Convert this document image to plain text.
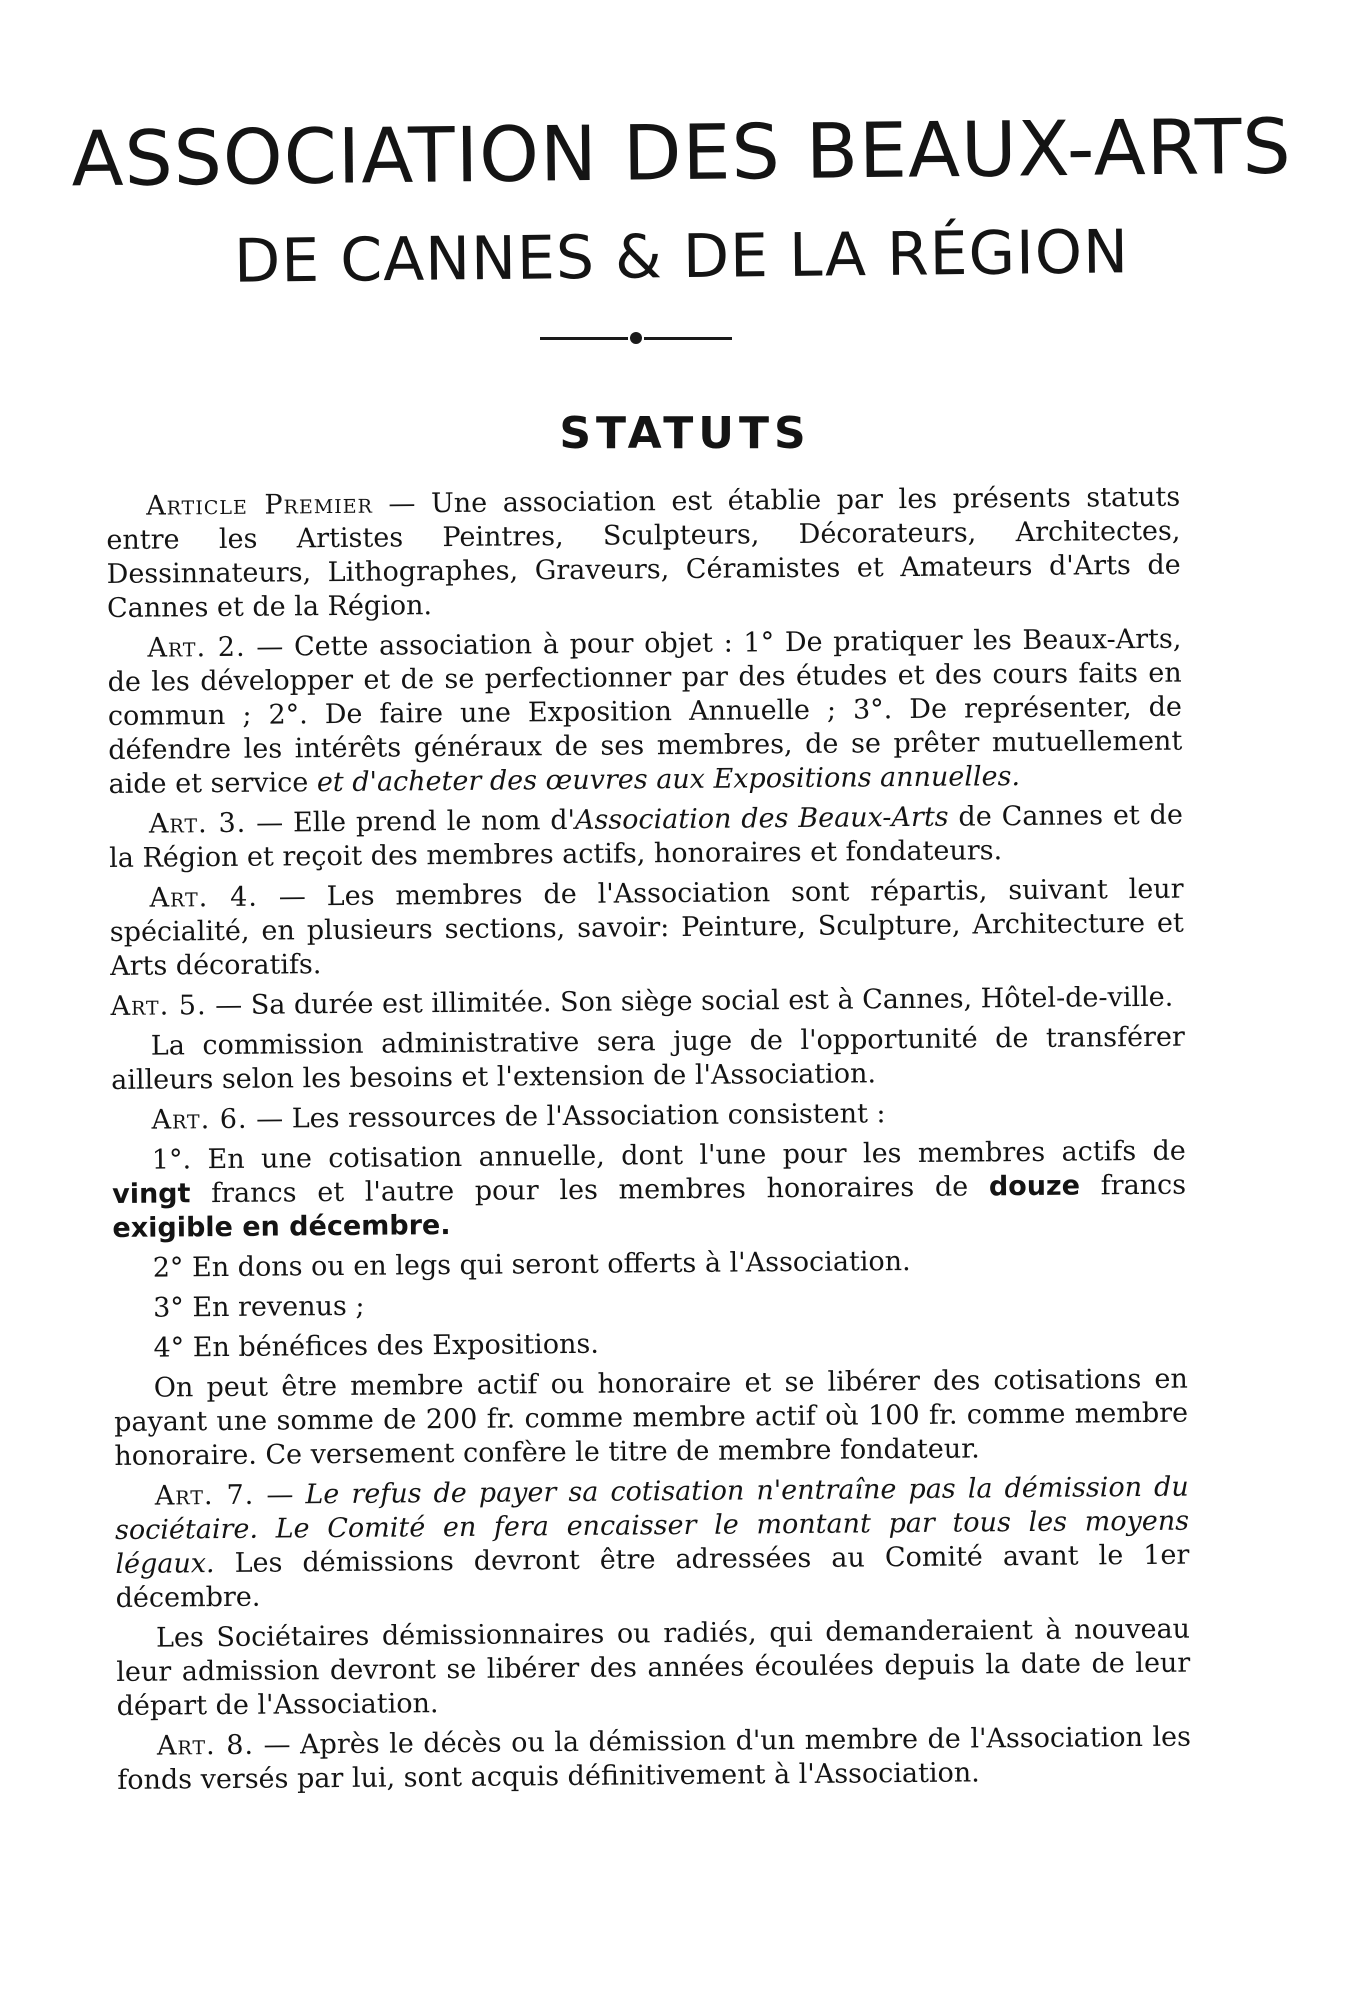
ASSOCIATION DES BEAUX-ARTS
DE CANNES & DE LA RÉGION
STATUTS

Article Premier — Une association est établie par les présents statuts entre les Artistes Peintres, Sculpteurs, Décorateurs, Architectes, Dessinnateurs, Lithographes, Graveurs, Céramistes et Amateurs d'Arts de Cannes et de la Région.

Art. 2. — Cette association à pour objet : 1° De pratiquer les Beaux-Arts, de les développer et de se perfectionner par des études et des cours faits en commun ; 2°. De faire une Exposition Annuelle ; 3°. De représenter, de défendre les intérêts généraux de ses membres, de se prêter mutuellement aide et service et d'acheter des œuvres aux Expositions annuelles.

Art. 3. — Elle prend le nom d'Association des Beaux-Arts de Cannes et de la Région et reçoit des membres actifs, honoraires et fondateurs.

Art. 4. — Les membres de l'Association sont répartis, suivant leur spécialité, en plusieurs sections, savoir: Peinture, Sculpture, Architecture et Arts décoratifs.

Art. 5. — Sa durée est illimitée. Son siège social est à Cannes, Hôtel-de-ville.

La commission administrative sera juge de l'opportunité de transférer ailleurs selon les besoins et l'extension de l'Association.

Art. 6. — Les ressources de l'Association consistent :

1°. En une cotisation annuelle, dont l'une pour les membres actifs de vingt francs et l'autre pour les membres honoraires de douze francs exigible en décembre.

2° En dons ou en legs qui seront offerts à l'Association.

3° En revenus ;

4° En bénéfices des Expositions.

On peut être membre actif ou honoraire et se libérer des cotisations en payant une somme de 200 fr. comme membre actif où 100 fr. comme membre honoraire. Ce versement confère le titre de membre fondateur.

Art. 7. — Le refus de payer sa cotisation n'entraîne pas la démission du sociétaire. Le Comité en fera encaisser le montant par tous les moyens légaux. Les démissions devront être adressées au Comité avant le 1er décembre.

Les Sociétaires démissionnaires ou radiés, qui demanderaient à nouveau leur admission devront se libérer des années écoulées depuis la date de leur départ de l'Association.

Art. 8. — Après le décès ou la démission d'un membre de l'Association les fonds versés par lui, sont acquis définitivement à l'Association.
